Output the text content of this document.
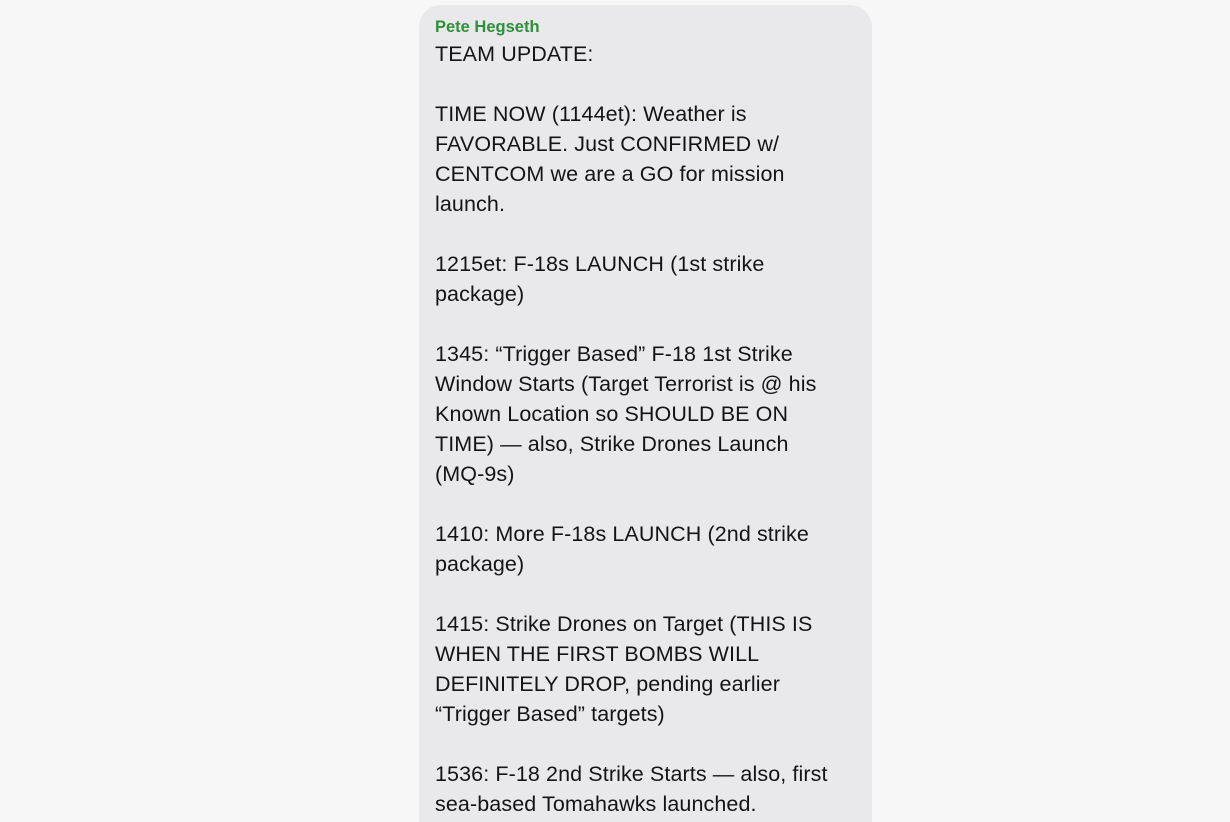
Pete Hegseth

TEAM UPDATE:

TIME NOW (1144et): Weather is
FAVORABLE. Just CONFIRMED w/
CENTCOM we are a GO for mission
launch.

1215et: F-18s LAUNCH (1st strike
package)

1345: “Trigger Based” F-18 1st Strike
Window Starts (Target Terrorist is @ his
Known Location so SHOULD BE ON
TIME) — also, Strike Drones Launch
(MQ-9s)

1410: More F-18s LAUNCH (2nd strike
package)

1415: Strike Drones on Target (THIS IS
WHEN THE FIRST BOMBS WILL
DEFINITELY DROP, pending earlier
“Trigger Based” targets)

1536: F-18 2nd Strike Starts — also, first
sea-based Tomahawks launched.
